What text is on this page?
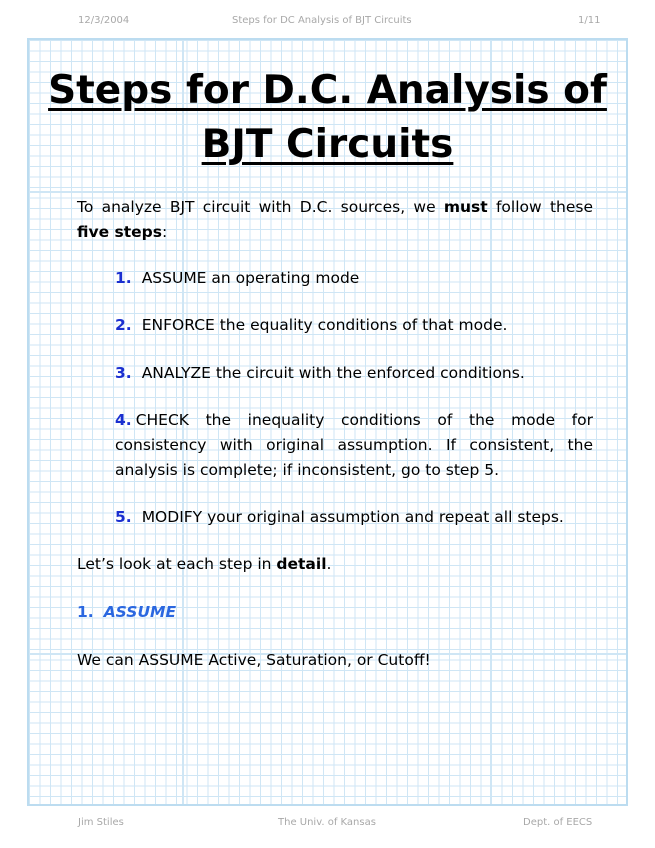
12/3/2004	Steps for DC Analysis of BJT Circuits	1/11
Steps for D.C. Analysis of
BJT Circuits
To analyze BJT circuit with D.C. sources, we must follow these five steps:
1. ASSUME an operating mode
2. ENFORCE the equality conditions of that mode.
3. ANALYZE the circuit with the enforced conditions.
4. CHECK the inequality conditions of the mode for consistency with original assumption. If consistent, the analysis is complete; if inconsistent, go to step 5.
5. MODIFY your original assumption and repeat all steps.
Let’s look at each step in detail.
1. ASSUME
We can ASSUME Active, Saturation, or Cutoff!
Jim Stiles	The Univ. of Kansas	Dept. of EECS
